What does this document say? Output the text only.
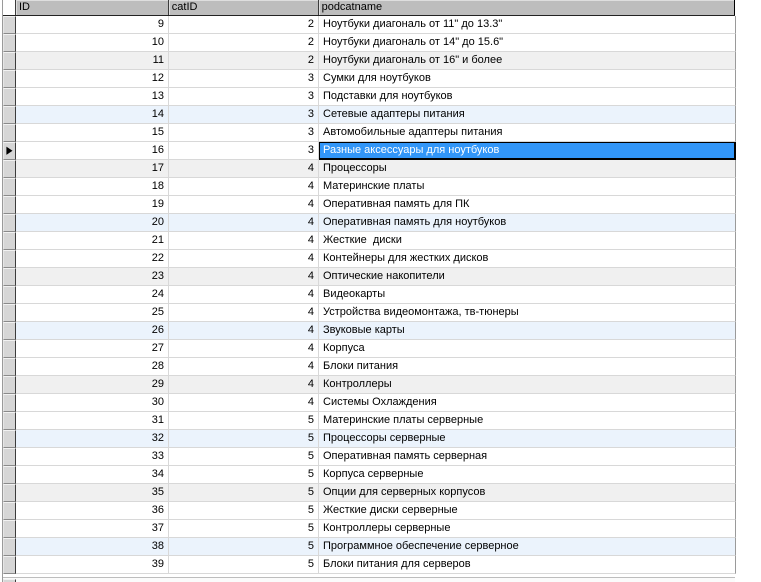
ID	catID	podcatname
9	2 Ноутбуки диагональ от 11" до 13.3"
10	2 Ноутбуки диагональ от 14" до 15.6"
11	2 Ноутбуки диагональ от 16" и более
12	3 Сумки для ноутбуков
13	3 Подставки для ноутбуков
14	3 Сетевые адаптеры питания
15	3 Автомобильные адаптеры питания
▶	16	3 Разные аксессуары для ноутбуков
17	4 Процессоры
18	4 Материнские платы
19	4 Оперативная память для ПК
20	4 Оперативная память для ноутбуков
21	4 Жесткие  диски
22	4 Контейнеры для жестких дисков
23	4 Оптические накопители
24	4 Видеокарты
25	4 Устройства видеомонтажа, тв-тюнеры
26	4 Звуковые карты
27	4 Корпуса
28	4 Блоки питания
29	4 Контроллеры
30	4 Системы Охлаждения
31	5 Материнские платы серверные
32	5 Процессоры серверные
33	5 Оперативная память серверная
34	5 Корпуса серверные
35	5 Опции для серверных корпусов
36	5 Жесткие диски серверные
37	5 Контроллеры серверные
38	5 Программное обеспечение серверное
39	5 Блоки питания для серверов
